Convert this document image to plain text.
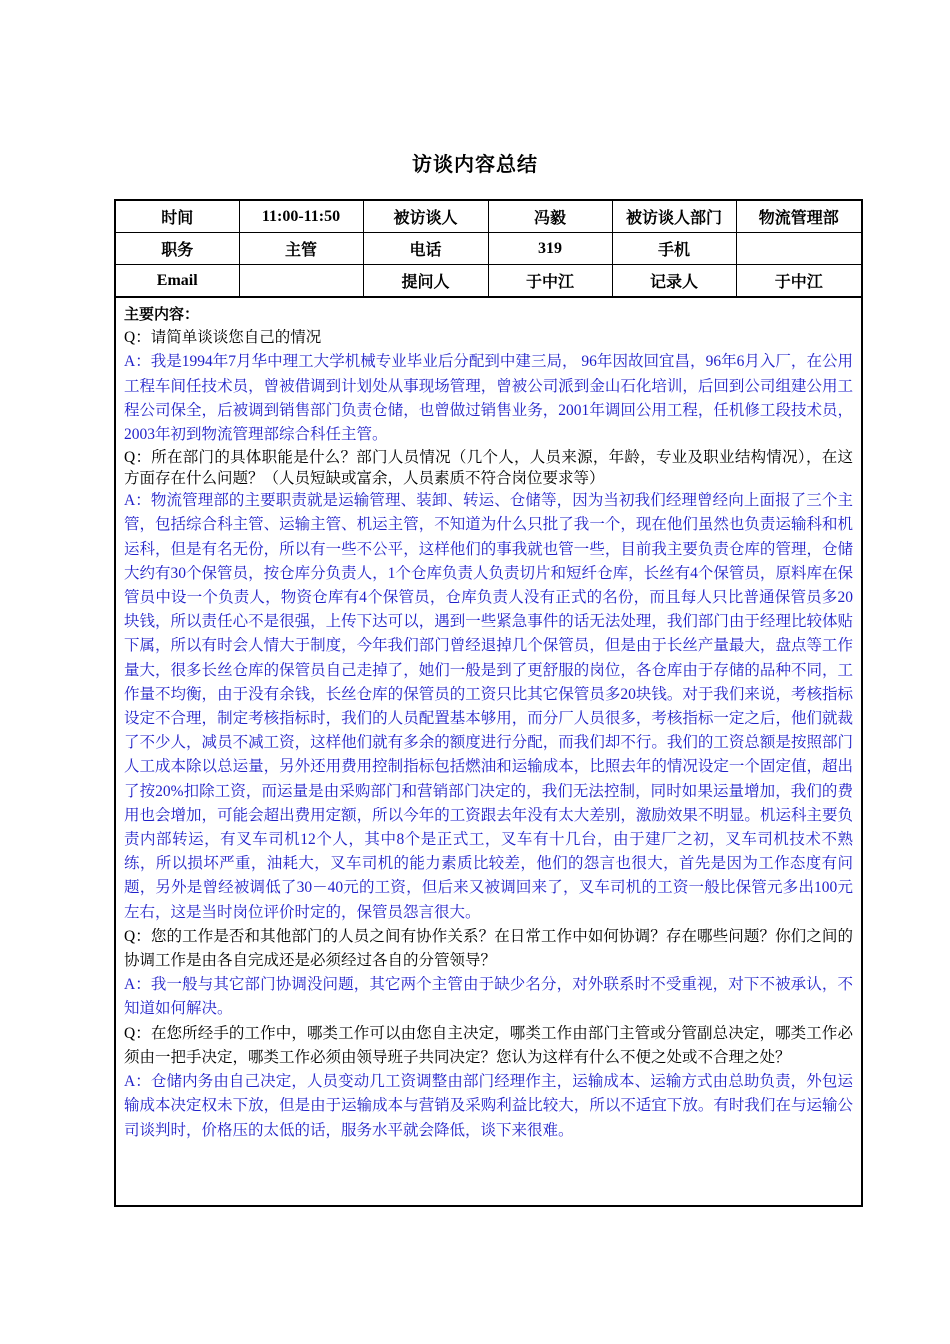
访谈内容总结
时间	11:00-11:50	被访谈人	冯毅	被访谈人部门	物流管理部
职务	主管	电话	319	手机	
Email		提问人	于中江	记录人	于中江
主要内容：
Q：请简单谈谈您自己的情况
A：我是1994年7月华中理工大学机械专业毕业后分配到中建三局， 96年因故回宜昌，96年6月入厂，在公用工程车间任技术员，曾被借调到计划处从事现场管理，曾被公司派到金山石化培训，后回到公司组建公用工程公司保全，后被调到销售部门负责仓储，也曾做过销售业务，2001年调回公用工程，任机修工段技术员，2003年初到物流管理部综合科任主管。
Q：所在部门的具体职能是什么？部门人员情况（几个人，人员来源，年龄，专业及职业结构情况），在这方面存在什么问题？（人员短缺或富余，人员素质不符合岗位要求等）
A：物流管理部的主要职责就是运输管理、装卸、转运、仓储等，因为当初我们经理曾经向上面报了三个主管，包括综合科主管、运输主管、机运主管，不知道为什么只批了我一个，现在他们虽然也负责运输科和机运科，但是有名无份，所以有一些不公平，这样他们的事我就也管一些，目前我主要负责仓库的管理，仓储大约有30个保管员，按仓库分负责人，1个仓库负责人负责切片和短纤仓库，长丝有4个保管员，原料库在保管员中设一个负责人，物资仓库有4个保管员，仓库负责人没有正式的名份，而且每人只比普通保管员多20块钱，所以责任心不是很强，上传下达可以，遇到一些紧急事件的话无法处理，我们部门由于经理比较体贴下属，所以有时会人情大于制度，今年我们部门曾经退掉几个保管员，但是由于长丝产量最大，盘点等工作量大，很多长丝仓库的保管员自己走掉了，她们一般是到了更舒服的岗位，各仓库由于存储的品种不同，工作量不均衡，由于没有余钱，长丝仓库的保管员的工资只比其它保管员多20块钱。对于我们来说，考核指标设定不合理，制定考核指标时，我们的人员配置基本够用，而分厂人员很多，考核指标一定之后，他们就裁了不少人，减员不减工资，这样他们就有多余的额度进行分配，而我们却不行。我们的工资总额是按照部门人工成本除以总运量，另外还用费用控制指标包括燃油和运输成本，比照去年的情况设定一个固定值，超出了按20%扣除工资，而运量是由采购部门和营销部门决定的，我们无法控制，同时如果运量增加，我们的费用也会增加，可能会超出费用定额，所以今年的工资跟去年没有太大差别，激励效果不明显。机运科主要负责内部转运，有叉车司机12个人，其中8个是正式工，叉车有十几台，由于建厂之初，叉车司机技术不熟练，所以损坏严重，油耗大，叉车司机的能力素质比较差，他们的怨言也很大，首先是因为工作态度有问题，另外是曾经被调低了30－40元的工资，但后来又被调回来了，叉车司机的工资一般比保管元多出100元左右，这是当时岗位评价时定的，保管员怨言很大。
Q：您的工作是否和其他部门的人员之间有协作关系？在日常工作中如何协调？存在哪些问题？你们之间的协调工作是由各自完成还是必须经过各自的分管领导？
A：我一般与其它部门协调没问题，其它两个主管由于缺少名分，对外联系时不受重视，对下不被承认，不知道如何解决。
Q：在您所经手的工作中，哪类工作可以由您自主决定，哪类工作由部门主管或分管副总决定，哪类工作必须由一把手决定，哪类工作必须由领导班子共同决定？您认为这样有什么不便之处或不合理之处？
A：仓储内务由自己决定，人员变动几工资调整由部门经理作主，运输成本、运输方式由总助负责，外包运输成本决定权未下放，但是由于运输成本与营销及采购利益比较大，所以不适宜下放。有时我们在与运输公司谈判时，价格压的太低的话，服务水平就会降低，谈下来很难。
